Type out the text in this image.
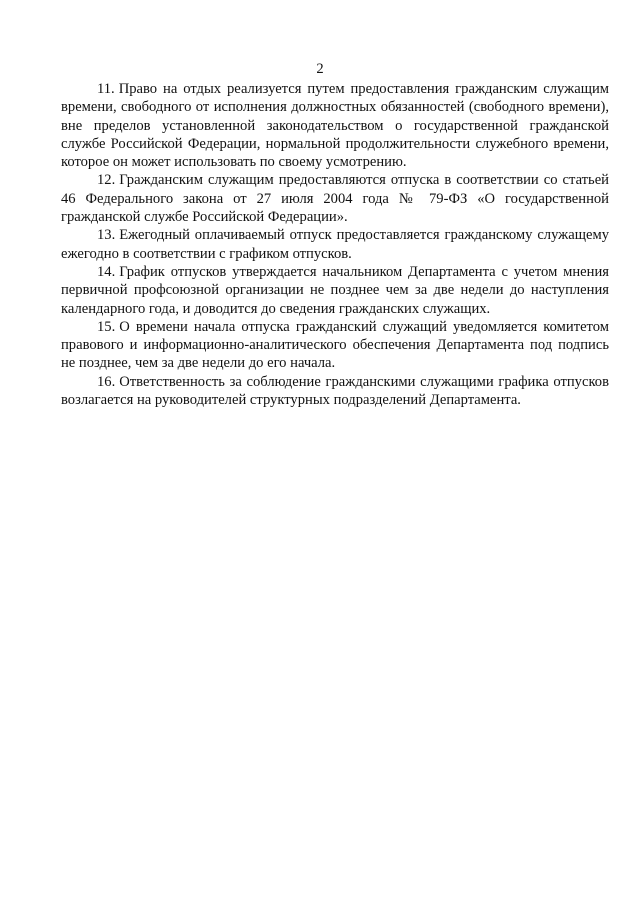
2

11. Право на отдых реализуется путем предоставления гражданским служащим времени, свободного от исполнения должностных обязанностей (свободного времени), вне пределов установленной законодательством о государственной гражданской службе Российской Федерации, нормальной продолжительности служебного времени, которое он может использовать по своему усмотрению.

12. Гражданским служащим предоставляются отпуска в соответствии со статьей 46 Федерального закона от 27 июля 2004 года № 79-ФЗ «О государственной гражданской службе Российской Федерации».

13. Ежегодный оплачиваемый отпуск предоставляется гражданскому служащему ежегодно в соответствии с графиком отпусков.

14. График отпусков утверждается начальником Департамента с учетом мнения первичной профсоюзной организации не позднее чем за две недели до наступления календарного года, и доводится до сведения гражданских служащих.

15. О времени начала отпуска гражданский служащий уведомляется комитетом правового и информационно-аналитического обеспечения Департамента под подпись не позднее, чем за две недели до его начала.

16. Ответственность за соблюдение гражданскими служащими графика отпусков возлагается на руководителей структурных подразделений Департамента.
